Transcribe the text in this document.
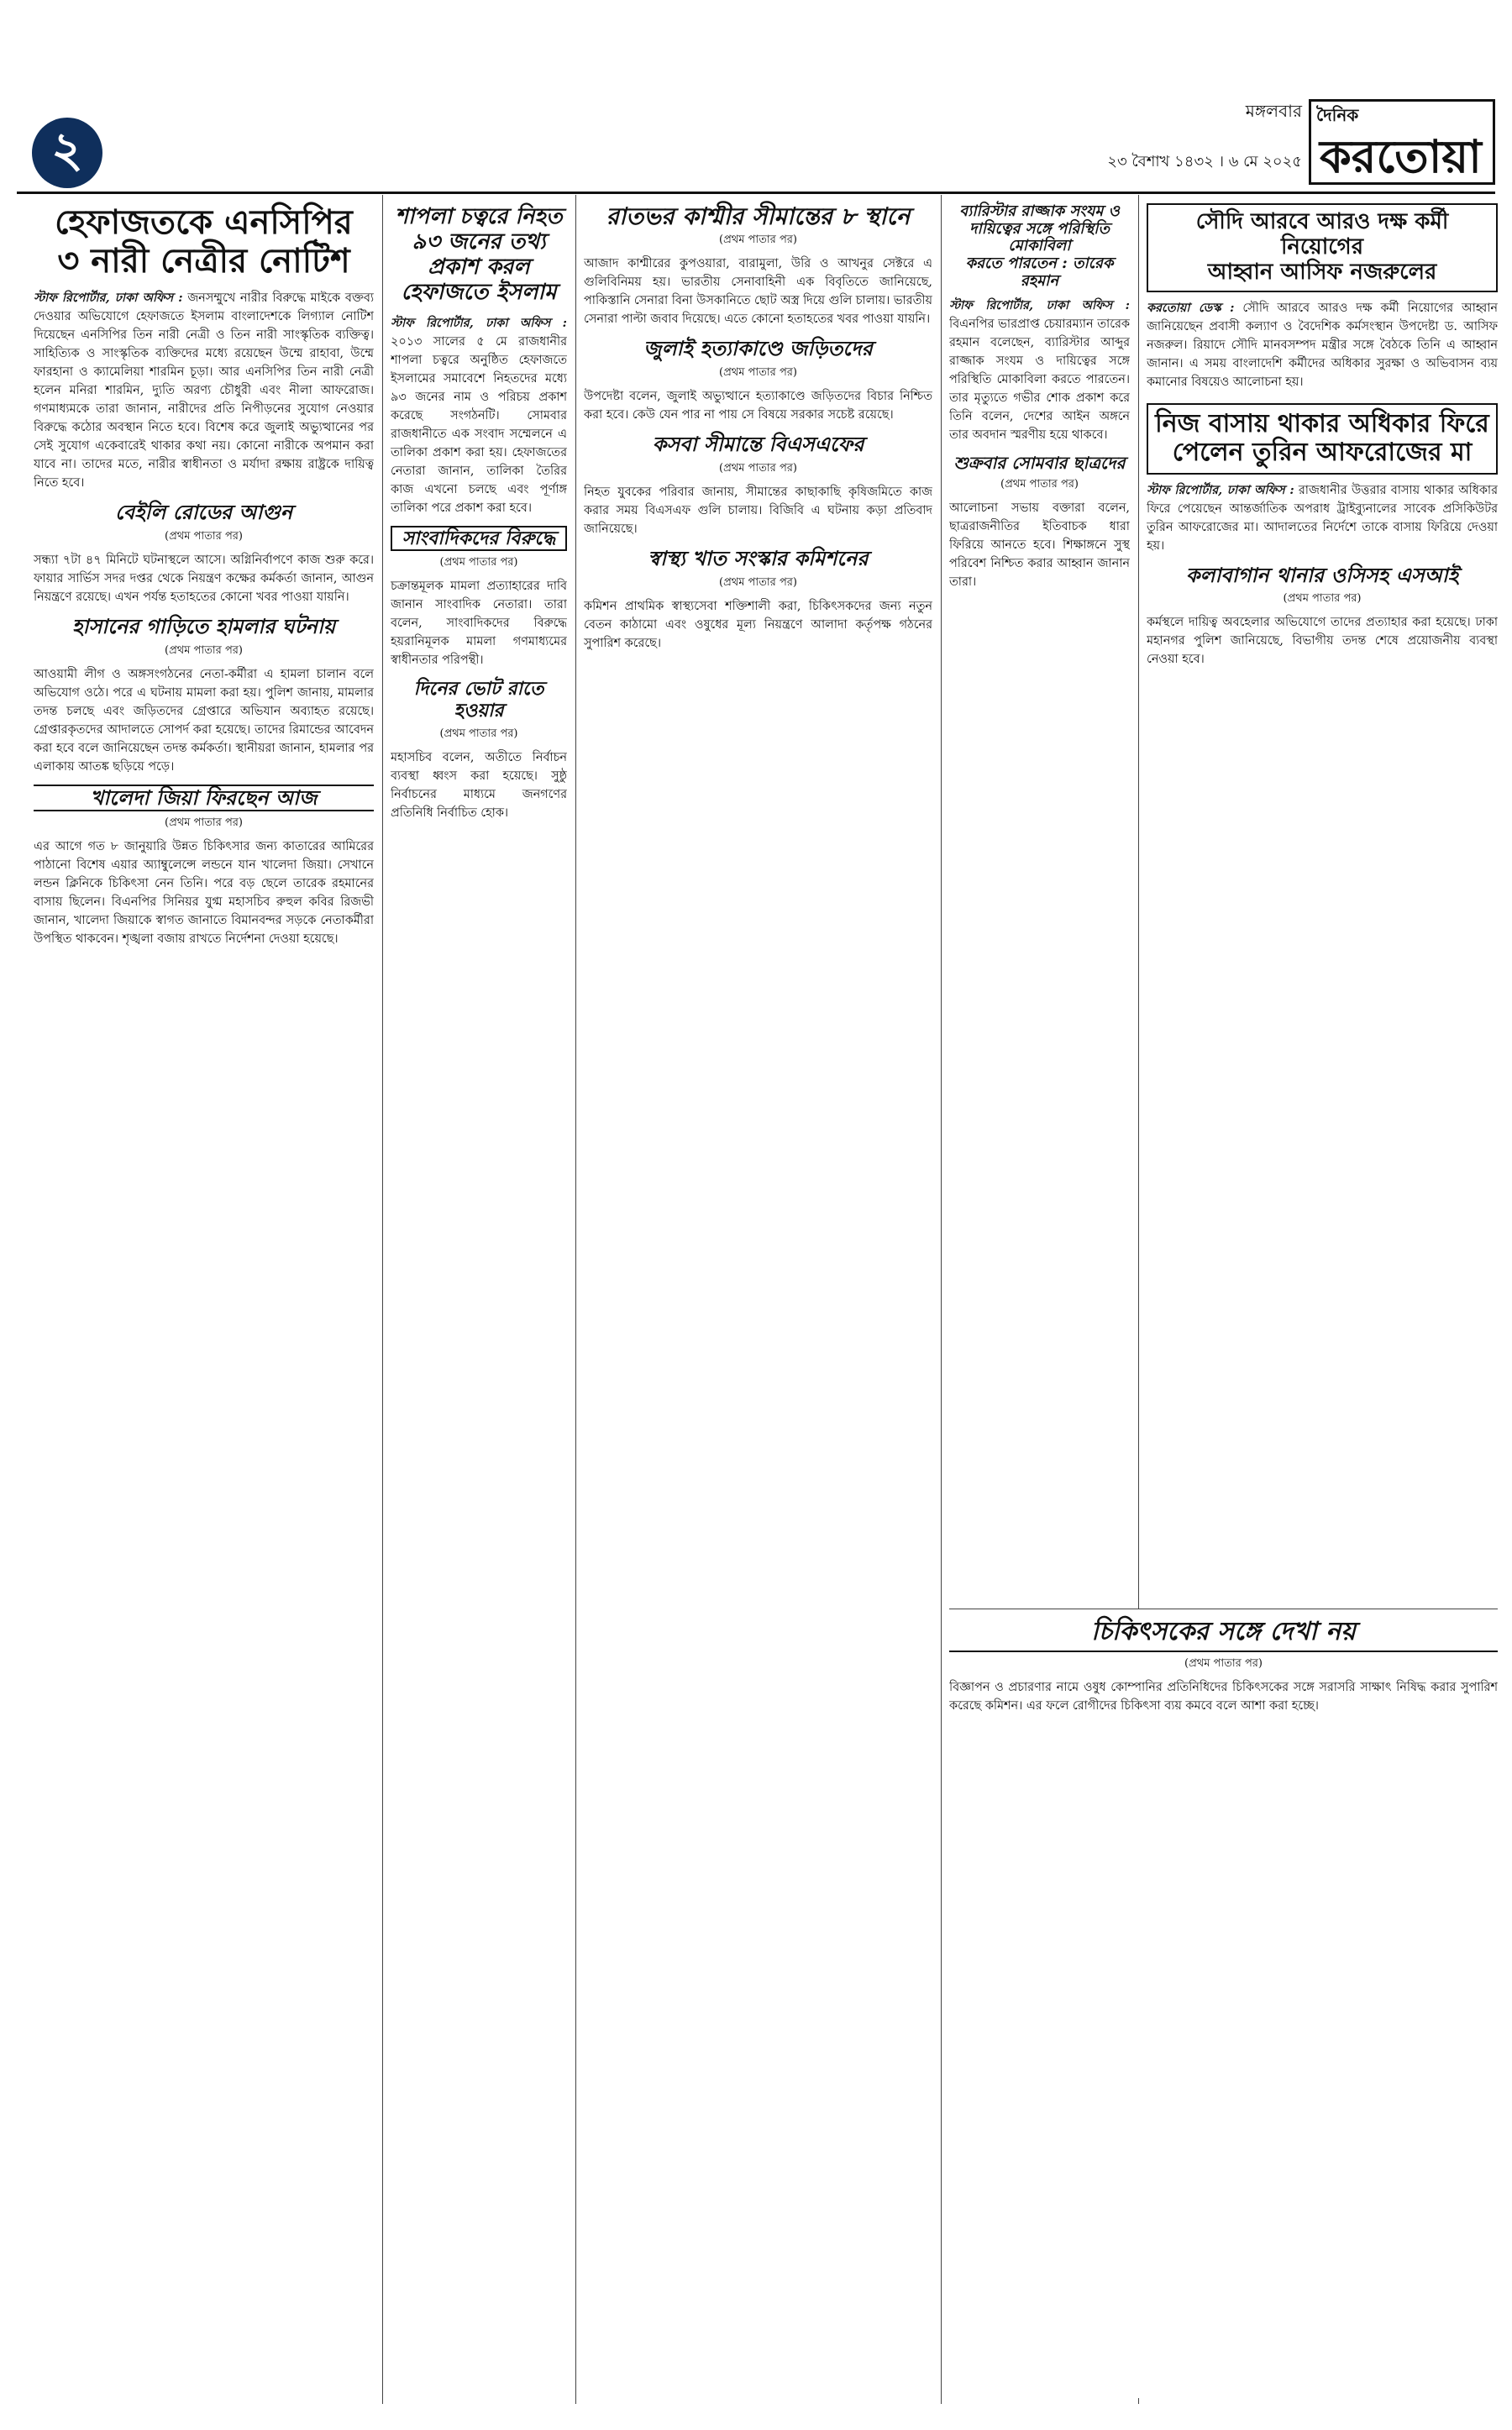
২
মঙ্গলবার
২৩ বৈশাখ ১৪৩২ । ৬ মে ২০২৫
দৈনিক
করতোয়া
হেফাজতকে এনসিপির
৩ নারী নেত্রীর নোটিশ

স্টাফ রিপোর্টার, ঢাকা অফিস : জনসম্মুখে নারীর বিরুদ্ধে মাইকে বক্তব্য দেওয়ার অভিযোগে হেফাজতে ইসলাম বাংলাদেশকে লিগ্যাল নোটিশ দিয়েছেন এনসিপির তিন নারী নেত্রী ও তিন নারী সাংস্কৃতিক ব্যক্তিত্ব। সাহিত্যিক ও সাংস্কৃতিক ব্যক্তিদের মধ্যে রয়েছেন উম্মে রাহাবা, উম্মে ফারহানা ও ক্যামেলিয়া শারমিন চূড়া। আর এনসিপির তিন নারী নেত্রী হলেন মনিরা শারমিন, দ্যুতি অরণ্য চৌধুরী এবং নীলা আফরোজ। গণমাধ্যমকে তারা জানান, নারীদের প্রতি নিপীড়নের সুযোগ নেওয়ার বিরুদ্ধে কঠোর অবস্থান নিতে হবে। বিশেষ করে জুলাই অভ্যুত্থানের পর সেই সুযোগ একেবারেই থাকার কথা নয়। কোনো নারীকে অপমান করা যাবে না। তাদের মতে, নারীর স্বাধীনতা ও মর্যাদা রক্ষায় রাষ্ট্রকে দায়িত্ব নিতে হবে।

বেইলি রোডের আগুন
(প্রথম পাতার পর)

সন্ধ্যা ৭টা ৪৭ মিনিটে ঘটনাস্থলে আসে। অগ্নিনির্বাপণে কাজ শুরু করে। ফায়ার সার্ভিস সদর দপ্তর থেকে নিয়ন্ত্রণ কক্ষের কর্মকর্তা জানান, আগুন নিয়ন্ত্রণে রয়েছে। এখন পর্যন্ত হতাহতের কোনো খবর পাওয়া যায়নি।

হাসানের গাড়িতে হামলার ঘটনায়
(প্রথম পাতার পর)

আওয়ামী লীগ ও অঙ্গসংগঠনের নেতা-কর্মীরা এ হামলা চালান বলে অভিযোগ ওঠে। পরে এ ঘটনায় মামলা করা হয়। পুলিশ জানায়, মামলার তদন্ত চলছে এবং জড়িতদের গ্রেপ্তারে অভিযান অব্যাহত রয়েছে। গ্রেপ্তারকৃতদের আদালতে সোপর্দ করা হয়েছে। তাদের রিমান্ডের আবেদন করা হবে বলে জানিয়েছেন তদন্ত কর্মকর্তা। স্থানীয়রা জানান, হামলার পর এলাকায় আতঙ্ক ছড়িয়ে পড়ে।

খালেদা জিয়া ফিরছেন আজ
(প্রথম পাতার পর)

এর আগে গত ৮ জানুয়ারি উন্নত চিকিৎসার জন্য কাতারের আমিরের পাঠানো বিশেষ এয়ার অ্যাম্বুলেন্সে লন্ডনে যান খালেদা জিয়া। সেখানে লন্ডন ক্লিনিকে চিকিৎসা নেন তিনি। পরে বড় ছেলে তারেক রহমানের বাসায় ছিলেন। বিএনপির সিনিয়র যুগ্ম মহাসচিব রুহুল কবির রিজভী জানান, খালেদা জিয়াকে স্বাগত জানাতে বিমানবন্দর সড়কে নেতাকর্মীরা উপস্থিত থাকবেন। শৃঙ্খলা বজায় রাখতে নির্দেশনা দেওয়া হয়েছে।

শাপলা চত্বরে নিহত ৯৩ জনের তথ্য প্রকাশ করল হেফাজতে ইসলাম

স্টাফ রিপোর্টার, ঢাকা অফিস : ২০১৩ সালের ৫ মে রাজধানীর শাপলা চত্বরে অনুষ্ঠিত হেফাজতে ইসলামের সমাবেশে নিহতদের মধ্যে ৯৩ জনের নাম ও পরিচয় প্রকাশ করেছে সংগঠনটি। সোমবার রাজধানীতে এক সংবাদ সম্মেলনে এ তালিকা প্রকাশ করা হয়। হেফাজতের নেতারা জানান, তালিকা তৈরির কাজ এখনো চলছে এবং পূর্ণাঙ্গ তালিকা পরে প্রকাশ করা হবে।

সাংবাদিকদের বিরুদ্ধে
(প্রথম পাতার পর)

চক্রান্তমূলক মামলা প্রত্যাহারের দাবি জানান সাংবাদিক নেতারা। তারা বলেন, সাংবাদিকদের বিরুদ্ধে হয়রানিমূলক মামলা গণমাধ্যমের স্বাধীনতার পরিপন্থী।

দিনের ভোট রাতে হওয়ার
(প্রথম পাতার পর)

মহাসচিব বলেন, অতীতে নির্বাচন ব্যবস্থা ধ্বংস করা হয়েছে। সুষ্ঠু নির্বাচনের মাধ্যমে জনগণের প্রতিনিধি নির্বাচিত হোক।

রাতভর কাশ্মীর সীমান্তের ৮ স্থানে
(প্রথম পাতার পর)

আজাদ কাশ্মীরের কুপওয়ারা, বারামুলা, উরি ও আখনুর সেক্টরে এ গুলিবিনিময় হয়। ভারতীয় সেনাবাহিনী এক বিবৃতিতে জানিয়েছে, পাকিস্তানি সেনারা বিনা উসকানিতে ছোট অস্ত্র দিয়ে গুলি চালায়। ভারতীয় সেনারা পাল্টা জবাব দিয়েছে। এতে কোনো হতাহতের খবর পাওয়া যায়নি।

জুলাই হত্যাকাণ্ডে জড়িতদের
(প্রথম পাতার পর)

উপদেষ্টা বলেন, জুলাই অভ্যুত্থানে হত্যাকাণ্ডে জড়িতদের বিচার নিশ্চিত করা হবে। কেউ যেন পার না পায় সে বিষয়ে সরকার সচেষ্ট রয়েছে।

কসবা সীমান্তে বিএসএফের
(প্রথম পাতার পর)

নিহত যুবকের পরিবার জানায়, সীমান্তের কাছাকাছি কৃষিজমিতে কাজ করার সময় বিএসএফ গুলি চালায়। বিজিবি এ ঘটনায় কড়া প্রতিবাদ জানিয়েছে।

স্বাস্থ্য খাত সংস্কার কমিশনের
(প্রথম পাতার পর)

কমিশন প্রাথমিক স্বাস্থ্যসেবা শক্তিশালী করা, চিকিৎসকদের জন্য নতুন বেতন কাঠামো এবং ওষুধের মূল্য নিয়ন্ত্রণে আলাদা কর্তৃপক্ষ গঠনের সুপারিশ করেছে।

ব্যারিস্টার রাজ্জাক সংযম ও
দায়িত্বের সঙ্গে পরিস্থিতি মোকাবিলা
করতে পারতেন : তারেক রহমান

স্টাফ রিপোর্টার, ঢাকা অফিস : বিএনপির ভারপ্রাপ্ত চেয়ারম্যান তারেক রহমান বলেছেন, ব্যারিস্টার আব্দুর রাজ্জাক সংযম ও দায়িত্বের সঙ্গে পরিস্থিতি মোকাবিলা করতে পারতেন। তার মৃত্যুতে গভীর শোক প্রকাশ করে তিনি বলেন, দেশের আইন অঙ্গনে তার অবদান স্মরণীয় হয়ে থাকবে।

শুক্রবার সোমবার ছাত্রদের
(প্রথম পাতার পর)

আলোচনা সভায় বক্তারা বলেন, ছাত্ররাজনীতির ইতিবাচক ধারা ফিরিয়ে আনতে হবে। শিক্ষাঙ্গনে সুস্থ পরিবেশ নিশ্চিত করার আহ্বান জানান তারা।

সৌদি আরবে আরও দক্ষ কর্মী নিয়োগের
আহ্বান আসিফ নজরুলের

করতোয়া ডেস্ক : সৌদি আরবে আরও দক্ষ কর্মী নিয়োগের আহ্বান জানিয়েছেন প্রবাসী কল্যাণ ও বৈদেশিক কর্মসংস্থান উপদেষ্টা ড. আসিফ নজরুল। রিয়াদে সৌদি মানবসম্পদ মন্ত্রীর সঙ্গে বৈঠকে তিনি এ আহ্বান জানান। এ সময় বাংলাদেশি কর্মীদের অধিকার সুরক্ষা ও অভিবাসন ব্যয় কমানোর বিষয়েও আলোচনা হয়।

নিজ বাসায় থাকার অধিকার ফিরে পেলেন তুরিন আফরোজের মা

স্টাফ রিপোর্টার, ঢাকা অফিস : রাজধানীর উত্তরার বাসায় থাকার অধিকার ফিরে পেয়েছেন আন্তর্জাতিক অপরাধ ট্রাইব্যুনালের সাবেক প্রসিকিউটর তুরিন আফরোজের মা। আদালতের নির্দেশে তাকে বাসায় ফিরিয়ে দেওয়া হয়।

কলাবাগান থানার ওসিসহ এসআই
(প্রথম পাতার পর)

কর্মস্থলে দায়িত্ব অবহেলার অভিযোগে তাদের প্রত্যাহার করা হয়েছে। ঢাকা মহানগর পুলিশ জানিয়েছে, বিভাগীয় তদন্ত শেষে প্রয়োজনীয় ব্যবস্থা নেওয়া হবে।

চিকিৎসকের সঙ্গে দেখা নয়
(প্রথম পাতার পর)

বিজ্ঞাপন ও প্রচারণার নামে ওষুধ কোম্পানির প্রতিনিধিদের চিকিৎসকের সঙ্গে সরাসরি সাক্ষাৎ নিষিদ্ধ করার সুপারিশ করেছে কমিশন। এর ফলে রোগীদের চিকিৎসা ব্যয় কমবে বলে আশা করা হচ্ছে।
